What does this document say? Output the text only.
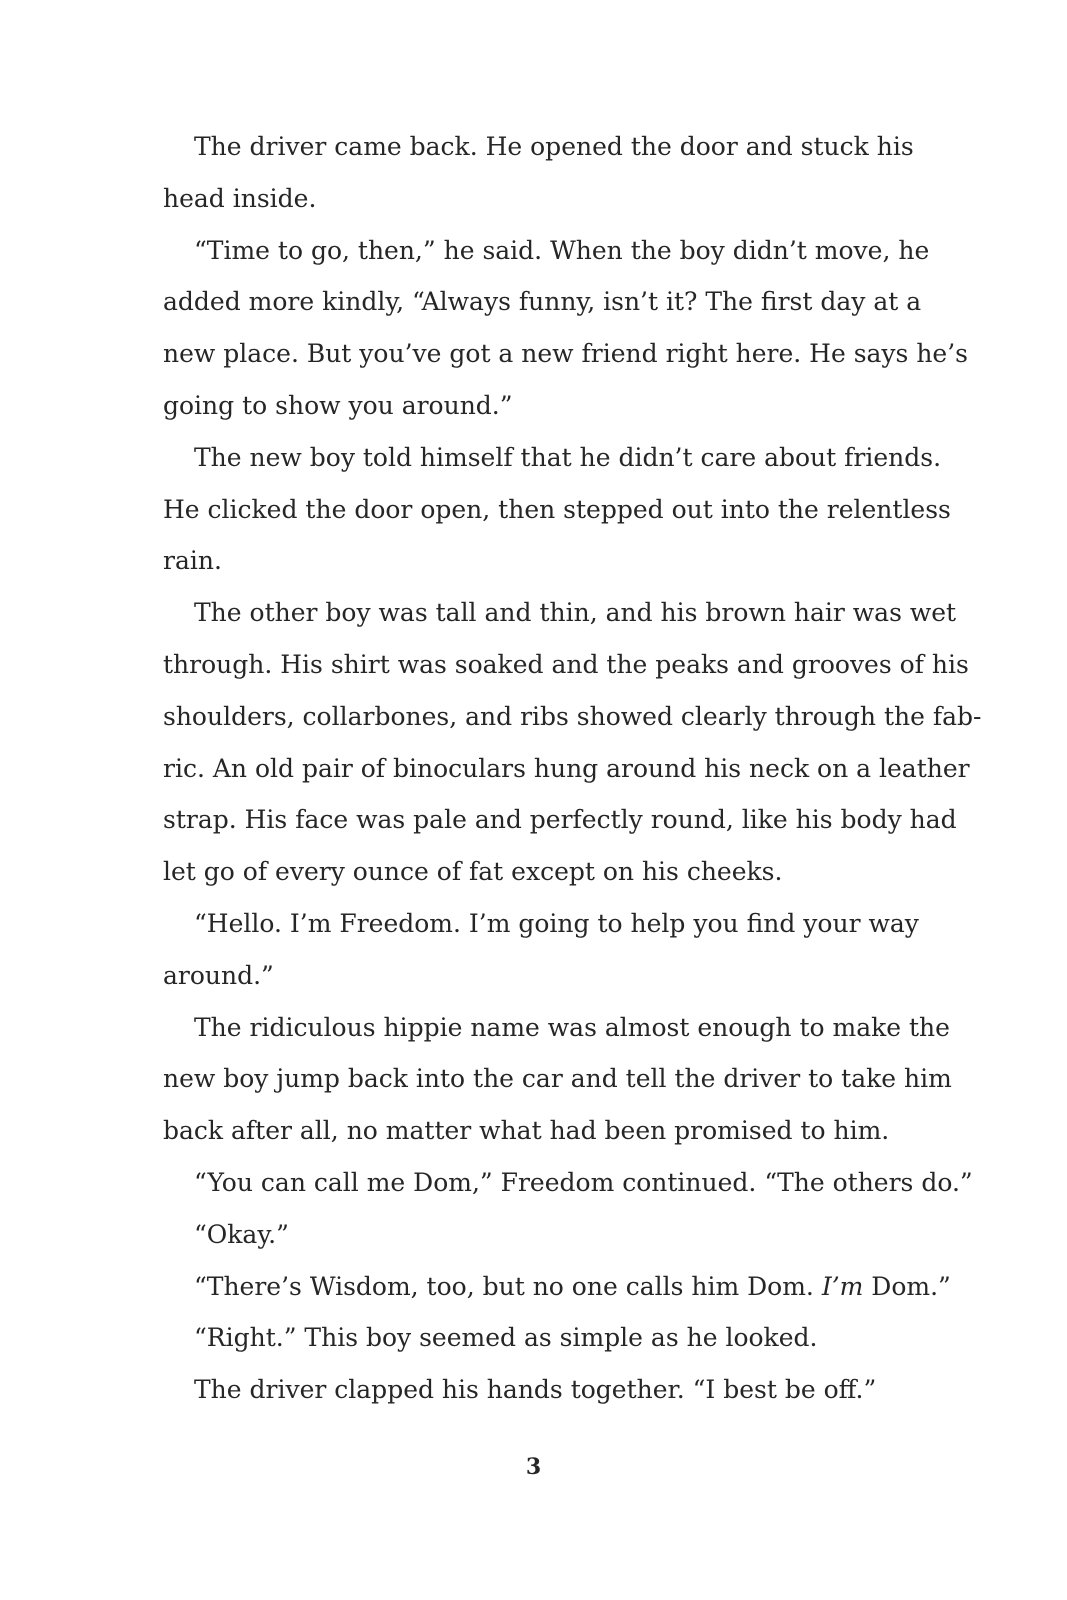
The driver came back. He opened the door and stuck his
head inside.
“Time to go, then,” he said. When the boy didn’t move, he
added more kindly, “Always funny, isn’t it? The first day at a
new place. But you’ve got a new friend right here. He says he’s
going to show you around.”
The new boy told himself that he didn’t care about friends.
He clicked the door open, then stepped out into the relentless
rain.
The other boy was tall and thin, and his brown hair was wet
through. His shirt was soaked and the peaks and grooves of his
shoulders, collarbones, and ribs showed clearly through the fab-
ric. An old pair of binoculars hung around his neck on a leather
strap. His face was pale and perfectly round, like his body had
let go of every ounce of fat except on his cheeks.
“Hello. I’m Freedom. I’m going to help you find your way
around.”
The ridiculous hippie name was almost enough to make the
new boy jump back into the car and tell the driver to take him
back after all, no matter what had been promised to him.
“You can call me Dom,” Freedom continued. “The others do.”
“Okay.”
“There’s Wisdom, too, but no one calls him Dom. I’m Dom.”
“Right.” This boy seemed as simple as he looked.
The driver clapped his hands together. “I best be off.”
3
